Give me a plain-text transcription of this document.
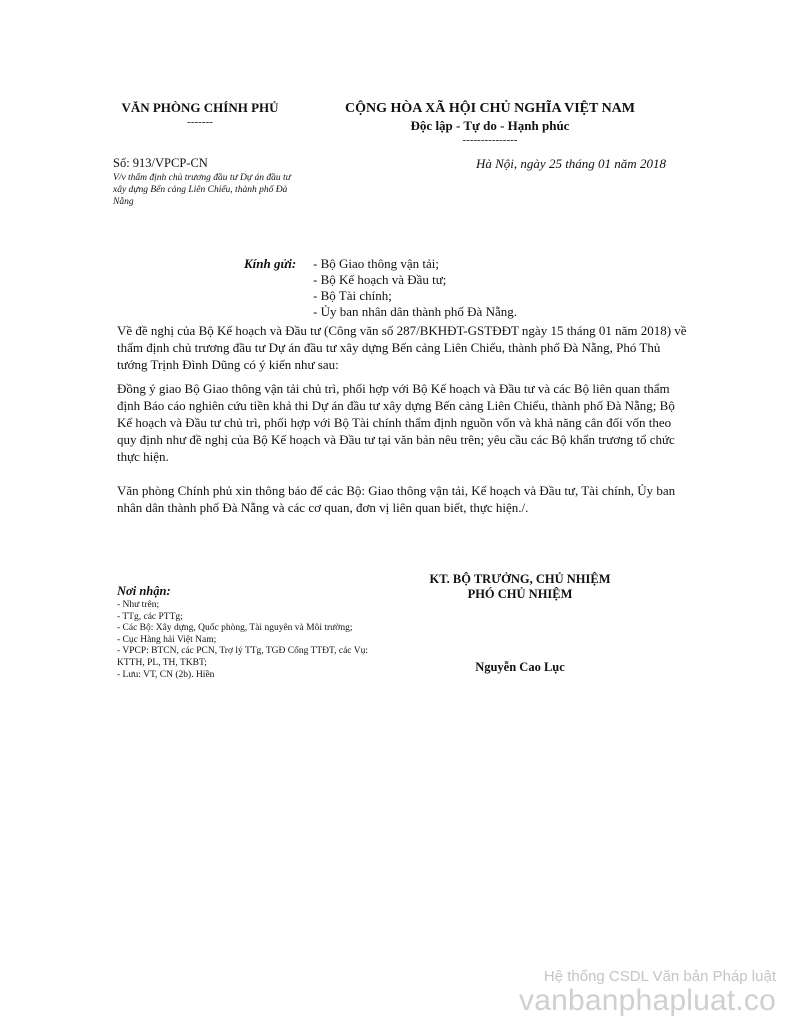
VĂN PHÒNG CHÍNH PHỦ
-------
CỘNG HÒA XÃ HỘI CHỦ NGHĨA VIỆT NAM
Độc lập - Tự do - Hạnh phúc
---------------
Số: 913/VPCP-CN
V/v thẩm định chủ trương đầu tư Dự án đầu tư xây dựng Bến cảng Liên Chiểu, thành phố Đà Nẵng
Hà Nội, ngày 25 tháng 01 năm 2018
Kính gửi: - Bộ Giao thông vận tải;
- Bộ Kế hoạch và Đầu tư;
- Bộ Tài chính;
- Ủy ban nhân dân thành phố Đà Nẵng.

Về đề nghị của Bộ Kế hoạch và Đầu tư (Công văn số 287/BKHĐT-GSTĐĐT ngày 15 tháng 01 năm 2018) về thẩm định chủ trương đầu tư Dự án đầu tư xây dựng Bến cảng Liên Chiểu, thành phố Đà Nẵng, Phó Thủ tướng Trịnh Đình Dũng có ý kiến như sau:

Đồng ý giao Bộ Giao thông vận tải chủ trì, phối hợp với Bộ Kế hoạch và Đầu tư và các Bộ liên quan thẩm định Báo cáo nghiên cứu tiền khả thi Dự án đầu tư xây dựng Bến cảng Liên Chiểu, thành phố Đà Nẵng; Bộ Kế hoạch và Đầu tư chủ trì, phối hợp với Bộ Tài chính thẩm định nguồn vốn và khả năng cân đối vốn theo quy định như đề nghị của Bộ Kế hoạch và Đầu tư tại văn bản nêu trên; yêu cầu các Bộ khẩn trương tổ chức thực hiện.

Văn phòng Chính phủ xin thông báo để các Bộ: Giao thông vận tải, Kế hoạch và Đầu tư, Tài chính, Ủy ban nhân dân thành phố Đà Nẵng và các cơ quan, đơn vị liên quan biết, thực hiện./.

KT. BỘ TRƯỞNG, CHỦ NHIỆM
PHÓ CHỦ NHIỆM
Nguyễn Cao Lục
Nơi nhận:
- Như trên;
- TTg, các PTTg;
- Các Bộ: Xây dựng, Quốc phòng, Tài nguyên và Môi trường;
- Cục Hàng hải Việt Nam;
- VPCP: BTCN, các PCN, Trợ lý TTg, TGĐ Cổng TTĐT, các Vụ: KTTH, PL, TH, TKBT;
- Lưu: VT, CN (2b). Hiền
Hệ thống CSDL Văn bản Pháp luật
vanbanphapluat.co
